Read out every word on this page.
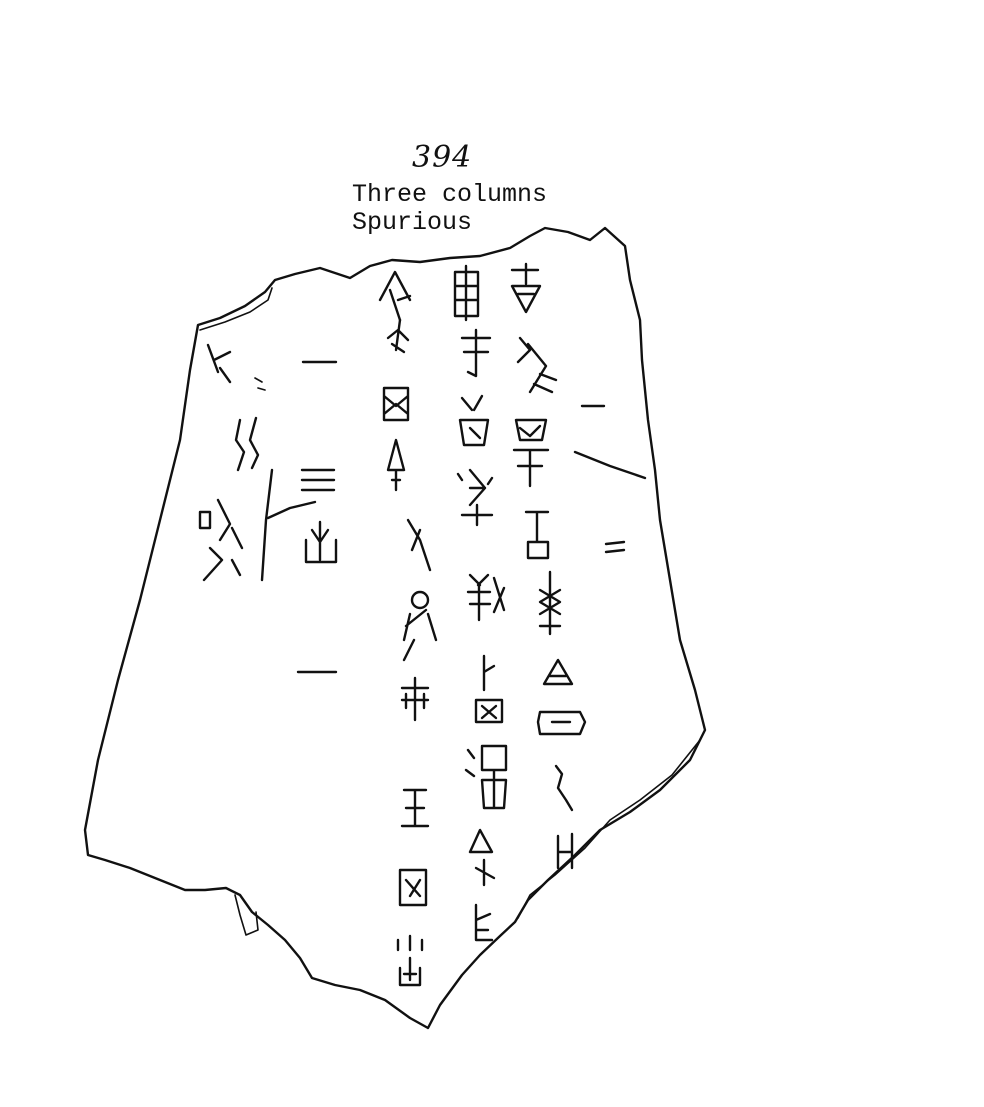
394
Three columns
Spurious
